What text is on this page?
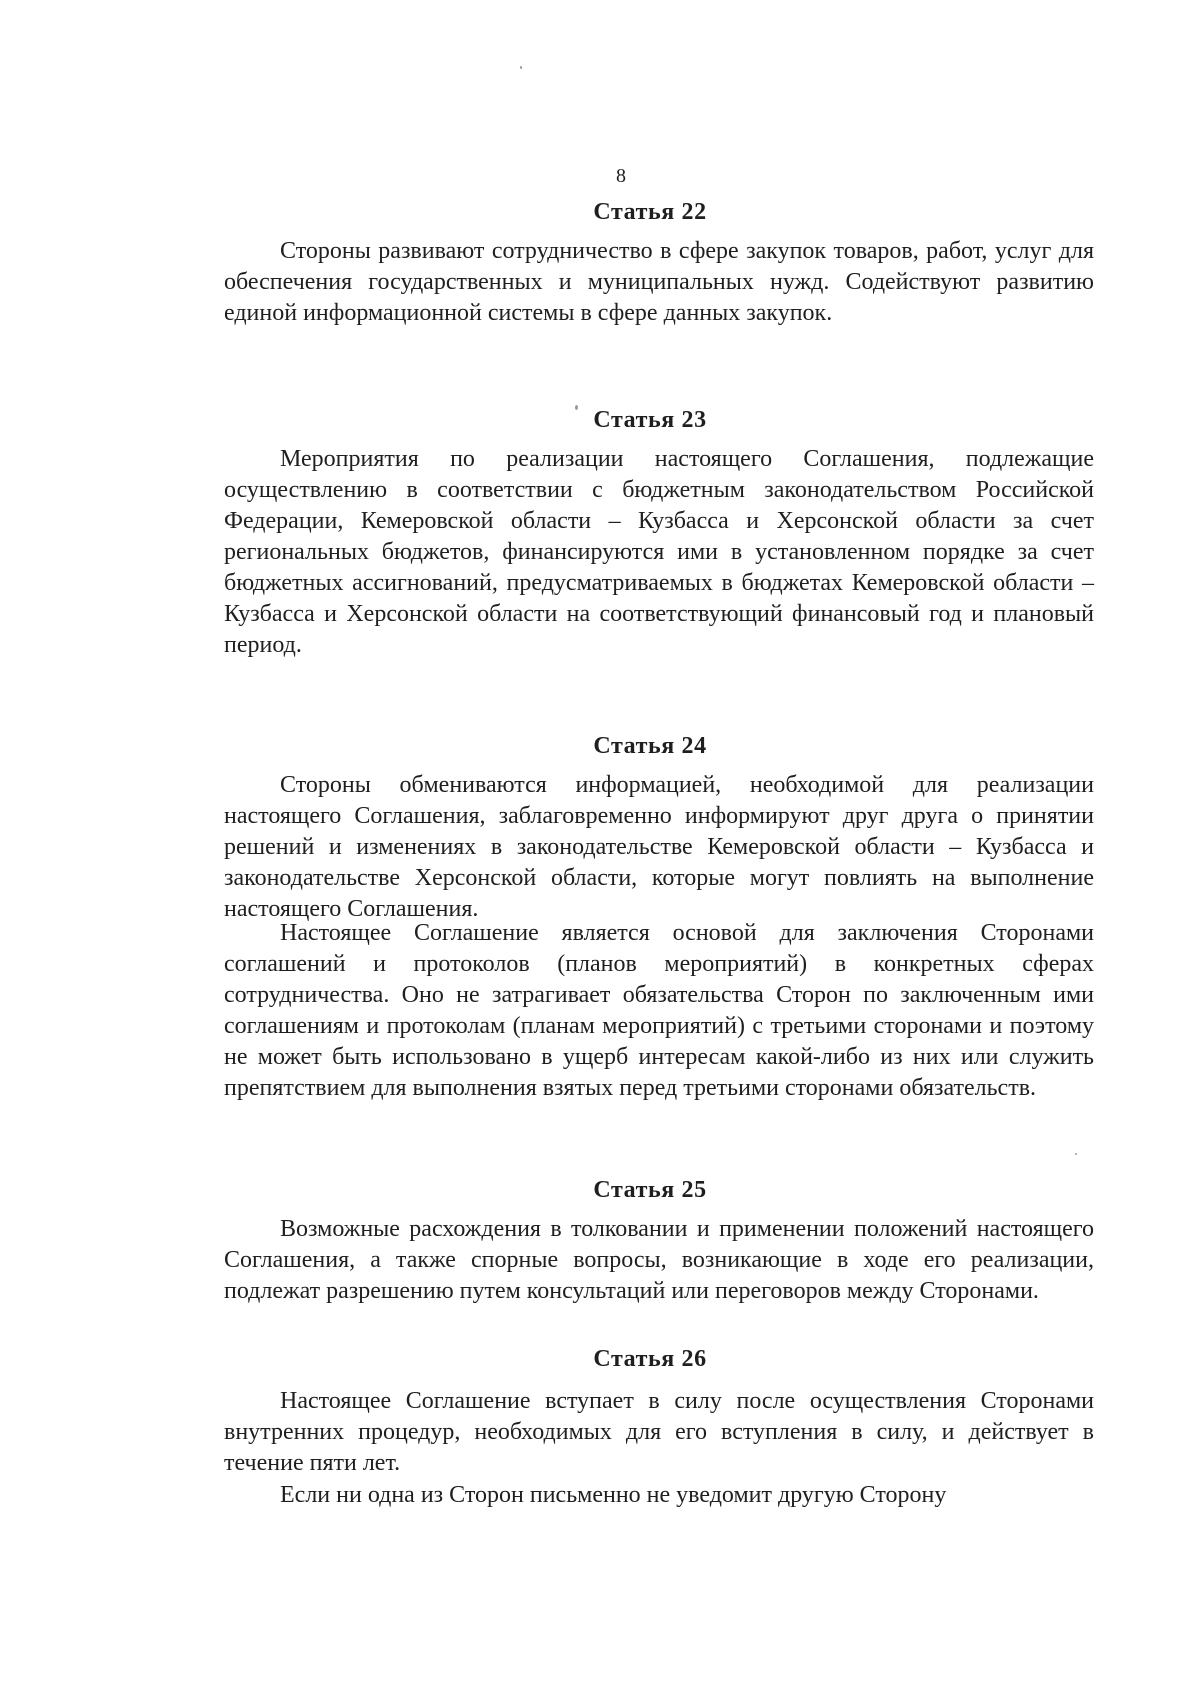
8
Статья 22

Стороны развивают сотрудничество в сфере закупок товаров, работ, услуг для обеспечения государственных и муниципальных нужд. Содействуют развитию единой информационной системы в сфере данных закупок.

Статья 23

Мероприятия по реализации настоящего Соглашения, подлежащие осуществлению в соответствии с бюджетным законодательством Российской Федерации, Кемеровской области – Кузбасса и Херсонской области за счет региональных бюджетов, финансируются ими в установленном порядке за счет бюджетных ассигнований, предусматриваемых в бюджетах Кемеровской области – Кузбасса и Херсонской области на соответствующий финансовый год и плановый период.

Статья 24

Стороны обмениваются информацией, необходимой для реализации настоящего Соглашения, заблаговременно информируют друг друга о принятии решений и изменениях в законодательстве Кемеровской области – Кузбасса и законодательстве Херсонской области, которые могут повлиять на выполнение настоящего Соглашения.

Настоящее Соглашение является основой для заключения Сторонами соглашений и протоколов (планов мероприятий) в конкретных сферах сотрудничества. Оно не затрагивает обязательства Сторон по заключенным ими соглашениям и протоколам (планам мероприятий) с третьими сторонами и поэтому не может быть использовано в ущерб интересам какой-либо из них или служить препятствием для выполнения взятых перед третьими сторонами обязательств.

Статья 25

Возможные расхождения в толковании и применении положений настоящего Соглашения, а также спорные вопросы, возникающие в ходе его реализации, подлежат разрешению путем консультаций или переговоров между Сторонами.

Статья 26

Настоящее Соглашение вступает в силу после осуществления Сторонами внутренних процедур, необходимых для его вступления в силу, и действует в течение пяти лет.

Если ни одна из Сторон письменно не уведомит другую Сторону
